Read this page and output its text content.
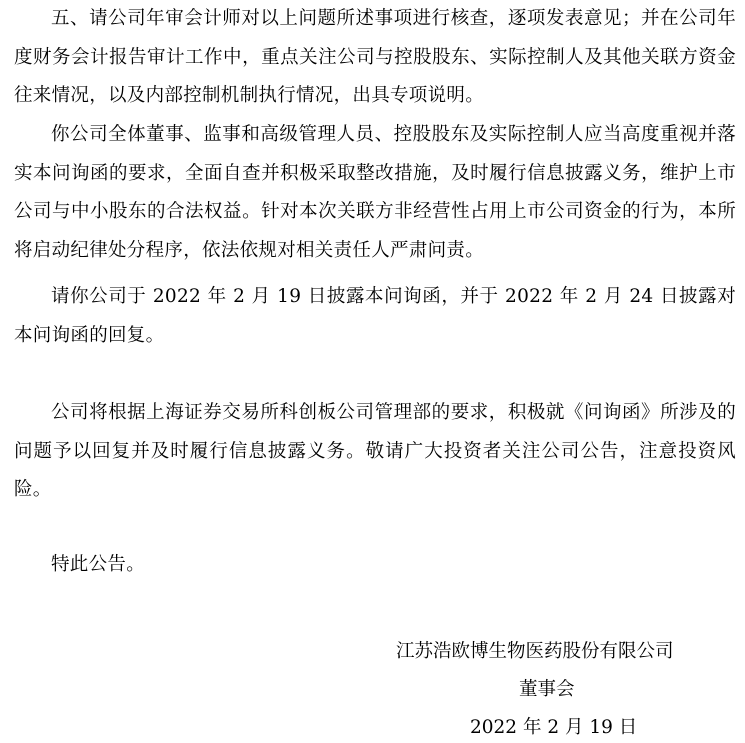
五、请公司年审会计师对以上问题所述事项进行核查，逐项发表意见；并在公司年度财务会计报告审计工作中，重点关注公司与控股股东、实际控制人及其他关联方资金往来情况，以及内部控制机制执行情况，出具专项说明。

你公司全体董事、监事和高级管理人员、控股股东及实际控制人应当高度重视并落实本问询函的要求，全面自查并积极采取整改措施，及时履行信息披露义务，维护上市公司与中小股东的合法权益。针对本次关联方非经营性占用上市公司资金的行为，本所将启动纪律处分程序，依法依规对相关责任人严肃问责。

请你公司于 2022 年 2 月 19 日披露本问询函，并于 2022 年 2 月 24 日披露对本问询函的回复。

公司将根据上海证券交易所科创板公司管理部的要求，积极就《问询函》所涉及的问题予以回复并及时履行信息披露义务。敬请广大投资者关注公司公告，注意投资风险。

特此公告。

江苏浩欧博生物医药股份有限公司
董事会
2022 年 2 月 19 日
